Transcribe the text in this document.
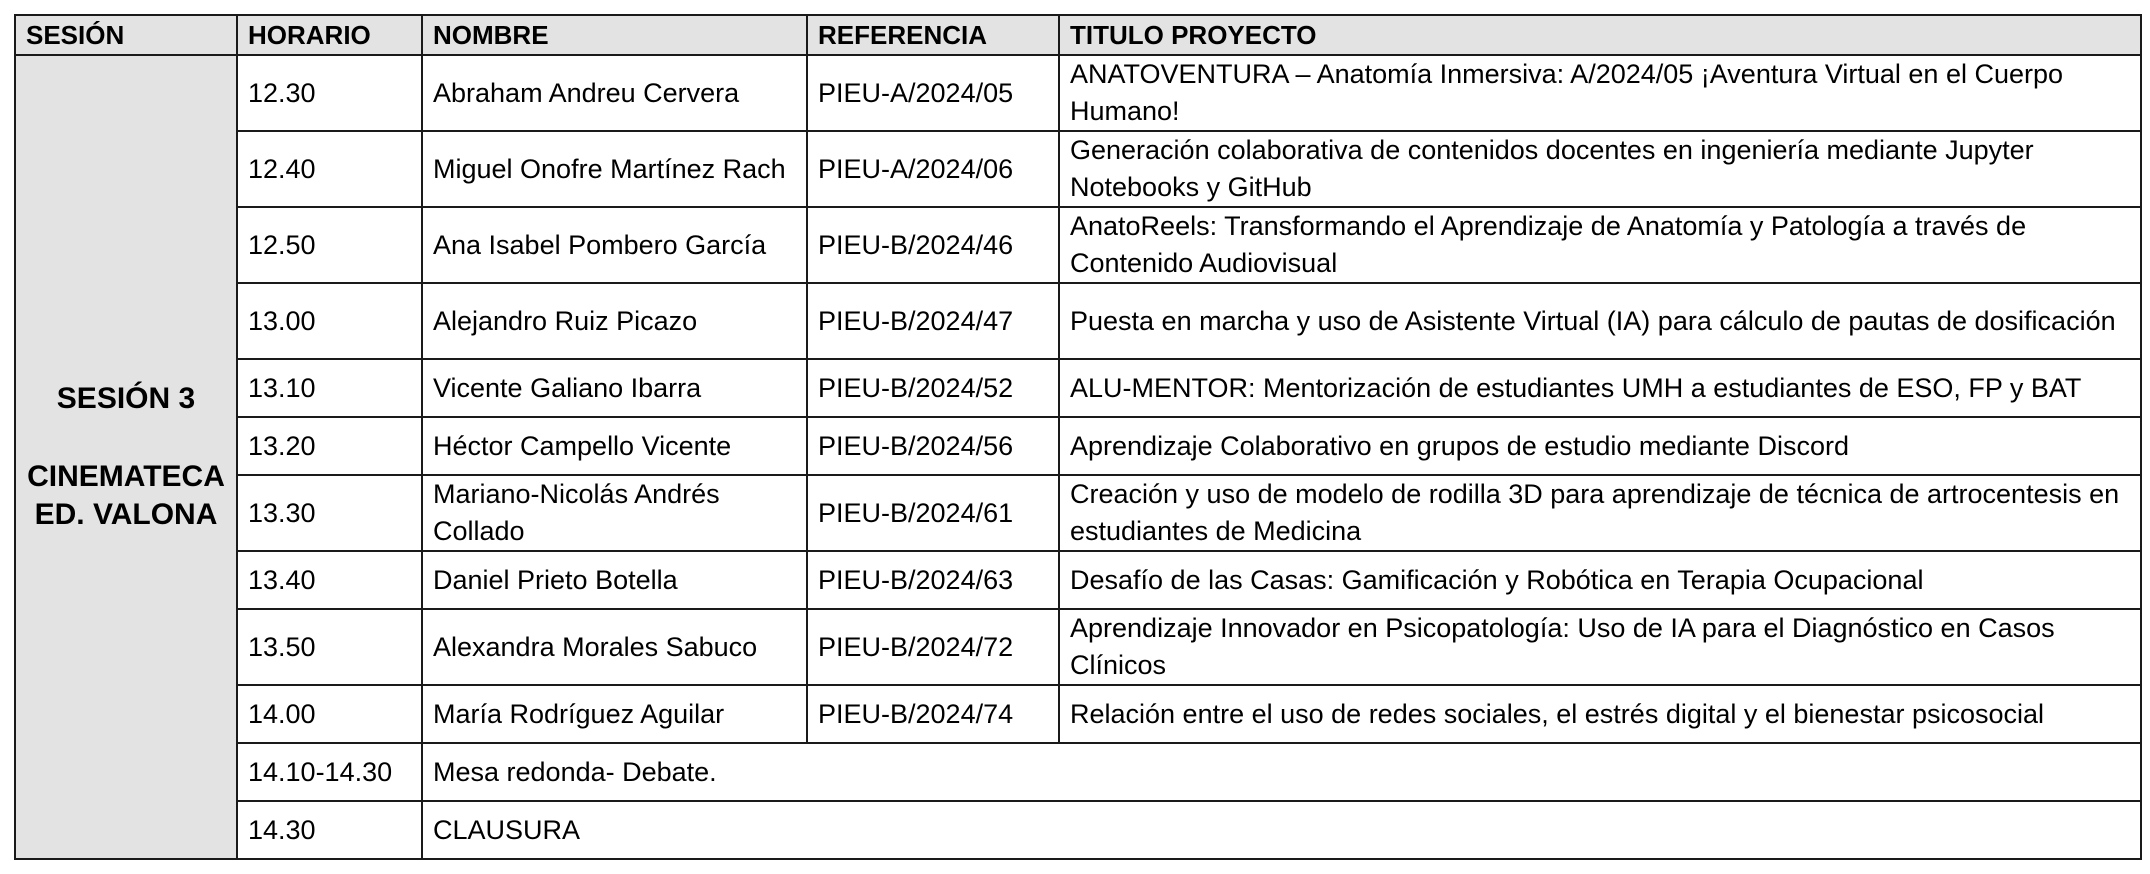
SESIÓN	HORARIO	NOMBRE	REFERENCIA	TITULO PROYECTO

SESIÓN 3
CINEMATECA
ED. VALONA	12.30	Abraham Andreu Cervera	PIEU-A/2024/05	ANATOVENTURA – Anatomía Inmersiva: A/2024/05 ¡Aventura Virtual en el Cuerpo Humano!
	12.40	Miguel Onofre Martínez Rach	PIEU-A/2024/06	Generación colaborativa de contenidos docentes en ingeniería mediante Jupyter Notebooks y GitHub
	12.50	Ana Isabel Pombero García	PIEU-B/2024/46	AnatoReels: Transformando el Aprendizaje de Anatomía y Patología a través de Contenido Audiovisual
	13.00	Alejandro Ruiz Picazo	PIEU-B/2024/47	Puesta en marcha y uso de Asistente Virtual (IA) para cálculo de pautas de dosificación
	13.10	Vicente Galiano Ibarra	PIEU-B/2024/52	ALU-MENTOR: Mentorización de estudiantes UMH a estudiantes de ESO, FP y BAT
	13.20	Héctor Campello Vicente	PIEU-B/2024/56	Aprendizaje Colaborativo en grupos de estudio mediante Discord
	13.30	Mariano-Nicolás Andrés Collado	PIEU-B/2024/61	Creación y uso de modelo de rodilla 3D para aprendizaje de técnica de artrocentesis en estudiantes de Medicina
	13.40	Daniel Prieto Botella	PIEU-B/2024/63	Desafío de las Casas: Gamificación y Robótica en Terapia Ocupacional
	13.50	Alexandra Morales Sabuco	PIEU-B/2024/72	Aprendizaje Innovador en Psicopatología: Uso de IA para el Diagnóstico en Casos Clínicos
	14.00	María Rodríguez Aguilar	PIEU-B/2024/74	Relación entre el uso de redes sociales, el estrés digital y el bienestar psicosocial
	14.10-14.30	Mesa redonda- Debate.		
	14.30	CLAUSURA		
